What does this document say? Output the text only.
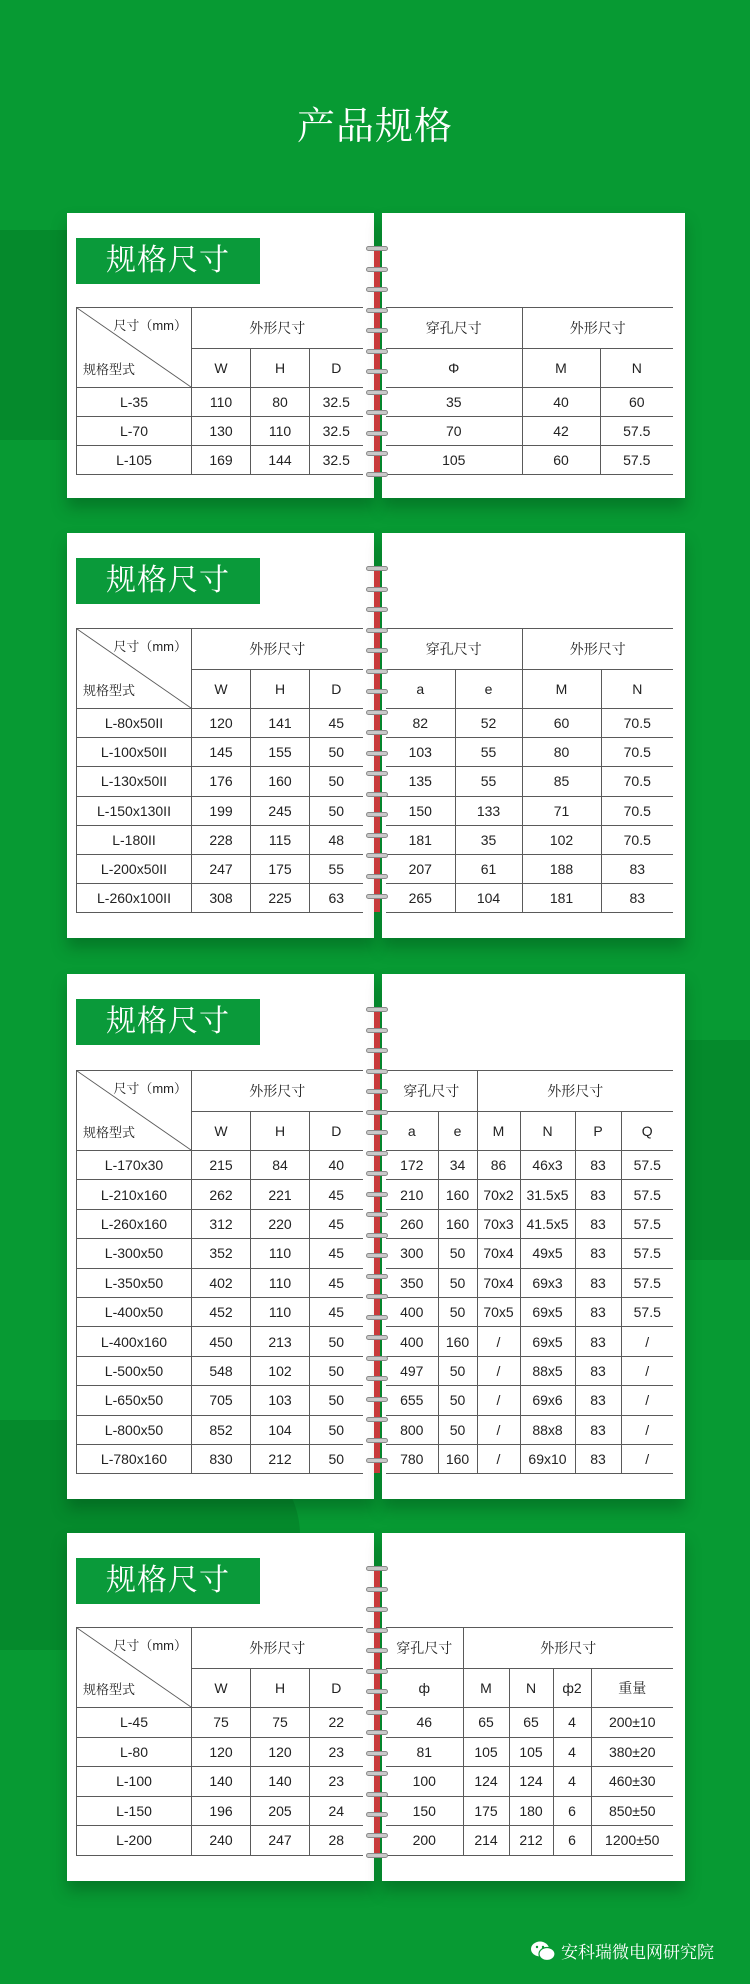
产品规格
规格尺寸
尺寸（mm）
规格型式
	外形尺寸
W	H	D
L-35	110	80	32.5
L-70	130	110	32.5
L-105	169	144	32.5
穿孔尺寸	外形尺寸
Φ	M	N
35	40	60
70	42	57.5
105	60	57.5
规格尺寸
尺寸（mm）
规格型式
	外形尺寸
W	H	D
L-80x50II	120	141	45
L-100x50II	145	155	50
L-130x50II	176	160	50
L-150x130II	199	245	50
L-180II	228	115	48
L-200x50II	247	175	55
L-260x100II	308	225	63
穿孔尺寸	外形尺寸
a	e	M	N
82	52	60	70.5
103	55	80	70.5
135	55	85	70.5
150	133	71	70.5
181	35	102	70.5
207	61	188	83
265	104	181	83
规格尺寸
尺寸（mm）
规格型式
	外形尺寸
W	H	D
L-170x30	215	84	40
L-210x160	262	221	45
L-260x160	312	220	45
L-300x50	352	110	45
L-350x50	402	110	45
L-400x50	452	110	45
L-400x160	450	213	50
L-500x50	548	102	50
L-650x50	705	103	50
L-800x50	852	104	50
L-780x160	830	212	50
穿孔尺寸	外形尺寸
a	e	M	N	P	Q
172	34	86	46x3	83	57.5
210	160	70x2	31.5x5	83	57.5
260	160	70x3	41.5x5	83	57.5
300	50	70x4	49x5	83	57.5
350	50	70x4	69x3	83	57.5
400	50	70x5	69x5	83	57.5
400	160	/	69x5	83	/
497	50	/	88x5	83	/
655	50	/	69x6	83	/
800	50	/	88x8	83	/
780	160	/	69x10	83	/
规格尺寸
尺寸（mm）
规格型式
	外形尺寸
W	H	D
L-45	75	75	22
L-80	120	120	23
L-100	140	140	23
L-150	196	205	24
L-200	240	247	28
穿孔尺寸	外形尺寸
ф	M	N	ф2	重量
46	65	65	4	200±10
81	105	105	4	380±20
100	124	124	4	460±30
150	175	180	6	850±50
200	214	212	6	1200±50
安科瑞微电网研究院
